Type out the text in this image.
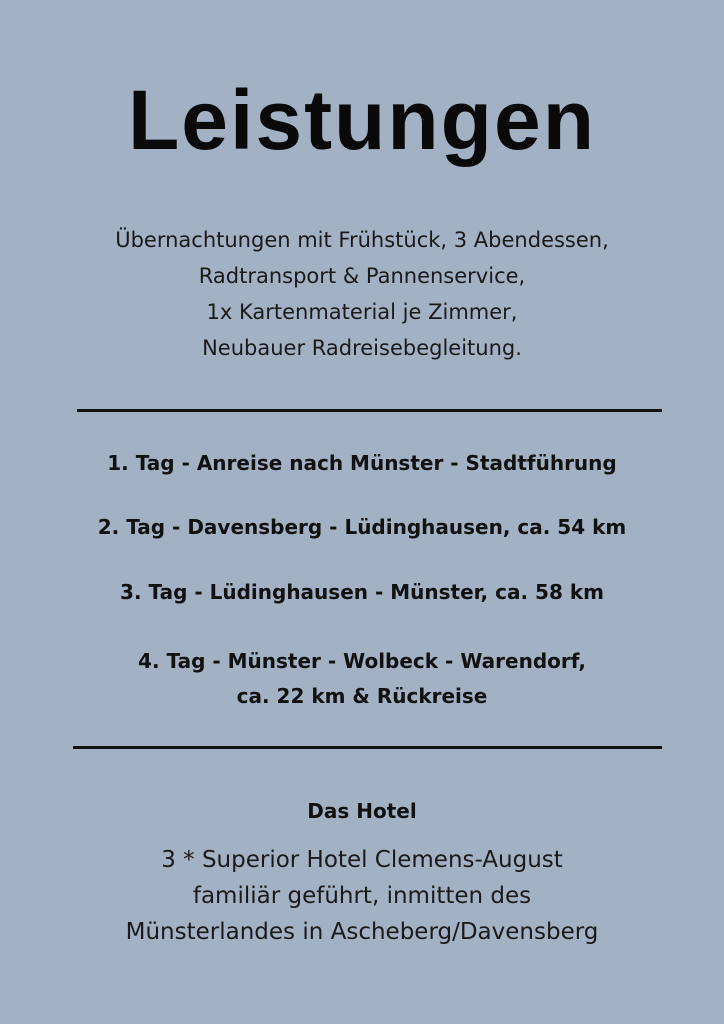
Leistungen
Übernachtungen mit Frühstück, 3 Abendessen,
Radtransport & Pannenservice,
1x Kartenmaterial je Zimmer,
Neubauer Radreisebegleitung.
1. Tag - Anreise nach Münster - Stadtführung
2. Tag - Davensberg - Lüdinghausen, ca. 54 km
3. Tag - Lüdinghausen - Münster, ca. 58 km
4. Tag - Münster - Wolbeck - Warendorf,
ca. 22 km & Rückreise
Das Hotel
3 * Superior Hotel Clemens-August
familiär geführt, inmitten des
Münsterlandes in Ascheberg/Davensberg
